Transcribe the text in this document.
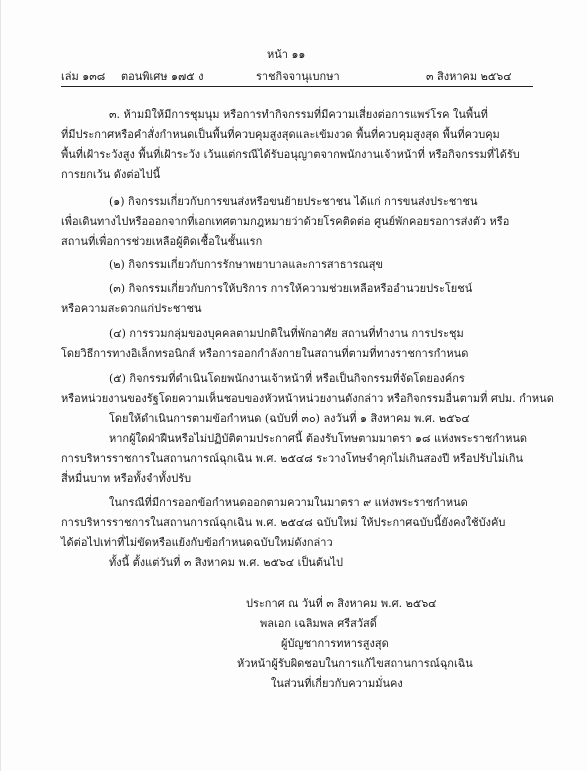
หน้า ๑๑
เล่ม ๑๓๘ ตอนพิเศษ ๑๗๕ ง	ราชกิจจานุเบกษา	๓ สิงหาคม ๒๕๖๔
๓. ห้ามมิให้มีการชุมนุม หรือการทำกิจกรรมที่มีความเสี่ยงต่อการแพร่โรค ในพื้นที่
ที่มีประกาศหรือคำสั่งกำหนดเป็นพื้นที่ควบคุมสูงสุดและเข้มงวด พื้นที่ควบคุมสูงสุด พื้นที่ควบคุม
พื้นที่เฝ้าระวังสูง พื้นที่เฝ้าระวัง เว้นแต่กรณีได้รับอนุญาตจากพนักงานเจ้าหน้าที่ หรือกิจกรรมที่ได้รับ
การยกเว้น ดังต่อไปนี้
(๑) กิจกรรมเกี่ยวกับการขนส่งหรือขนย้ายประชาชน ได้แก่ การขนส่งประชาชน
เพื่อเดินทางไปหรือออกจากที่เอกเทศตามกฎหมายว่าด้วยโรคติดต่อ ศูนย์พักคอยรอการส่งตัว หรือ
สถานที่เพื่อการช่วยเหลือผู้ติดเชื้อในชั้นแรก
(๒) กิจกรรมเกี่ยวกับการรักษาพยาบาลและการสาธารณสุข
(๓) กิจกรรมเกี่ยวกับการให้บริการ การให้ความช่วยเหลือหรืออำนวยประโยชน์
หรือความสะดวกแก่ประชาชน
(๔) การรวมกลุ่มของบุคคลตามปกติในที่พักอาศัย สถานที่ทำงาน การประชุม
โดยวิธีการทางอิเล็กทรอนิกส์ หรือการออกกำลังกายในสถานที่ตามที่ทางราชการกำหนด
(๕) กิจกรรมที่ดำเนินโดยพนักงานเจ้าหน้าที่ หรือเป็นกิจกรรมที่จัดโดยองค์กร
หรือหน่วยงานของรัฐโดยความเห็นชอบของหัวหน้าหน่วยงานดังกล่าว หรือกิจกรรมอื่นตามที่ ศปม. กำหนด
โดยให้ดำเนินการตามข้อกำหนด (ฉบับที่ ๓๐) ลงวันที่ ๑ สิงหาคม พ.ศ. ๒๕๖๔
หากผู้ใดฝ่าฝืนหรือไม่ปฏิบัติตามประกาศนี้ ต้องรับโทษตามมาตรา ๑๘ แห่งพระราชกำหนด
การบริหารราชการในสถานการณ์ฉุกเฉิน พ.ศ. ๒๕๔๘ ระวางโทษจำคุกไม่เกินสองปี หรือปรับไม่เกิน
สี่หมื่นบาท หรือทั้งจำทั้งปรับ
ในกรณีที่มีการออกข้อกำหนดออกตามความในมาตรา ๙ แห่งพระราชกำหนด
การบริหารราชการในสถานการณ์ฉุกเฉิน พ.ศ. ๒๕๔๘ ฉบับใหม่ ให้ประกาศฉบับนี้ยังคงใช้บังคับ
ได้ต่อไปเท่าที่ไม่ขัดหรือแย้งกับข้อกำหนดฉบับใหม่ดังกล่าว
ทั้งนี้ ตั้งแต่วันที่ ๓ สิงหาคม พ.ศ. ๒๕๖๔ เป็นต้นไป
ประกาศ ณ วันที่ ๓ สิงหาคม พ.ศ. ๒๕๖๔
พลเอก เฉลิมพล ศรีสวัสดิ์
ผู้บัญชาการทหารสูงสุด
หัวหน้าผู้รับผิดชอบในการแก้ไขสถานการณ์ฉุกเฉิน
ในส่วนที่เกี่ยวกับความมั่นคง
